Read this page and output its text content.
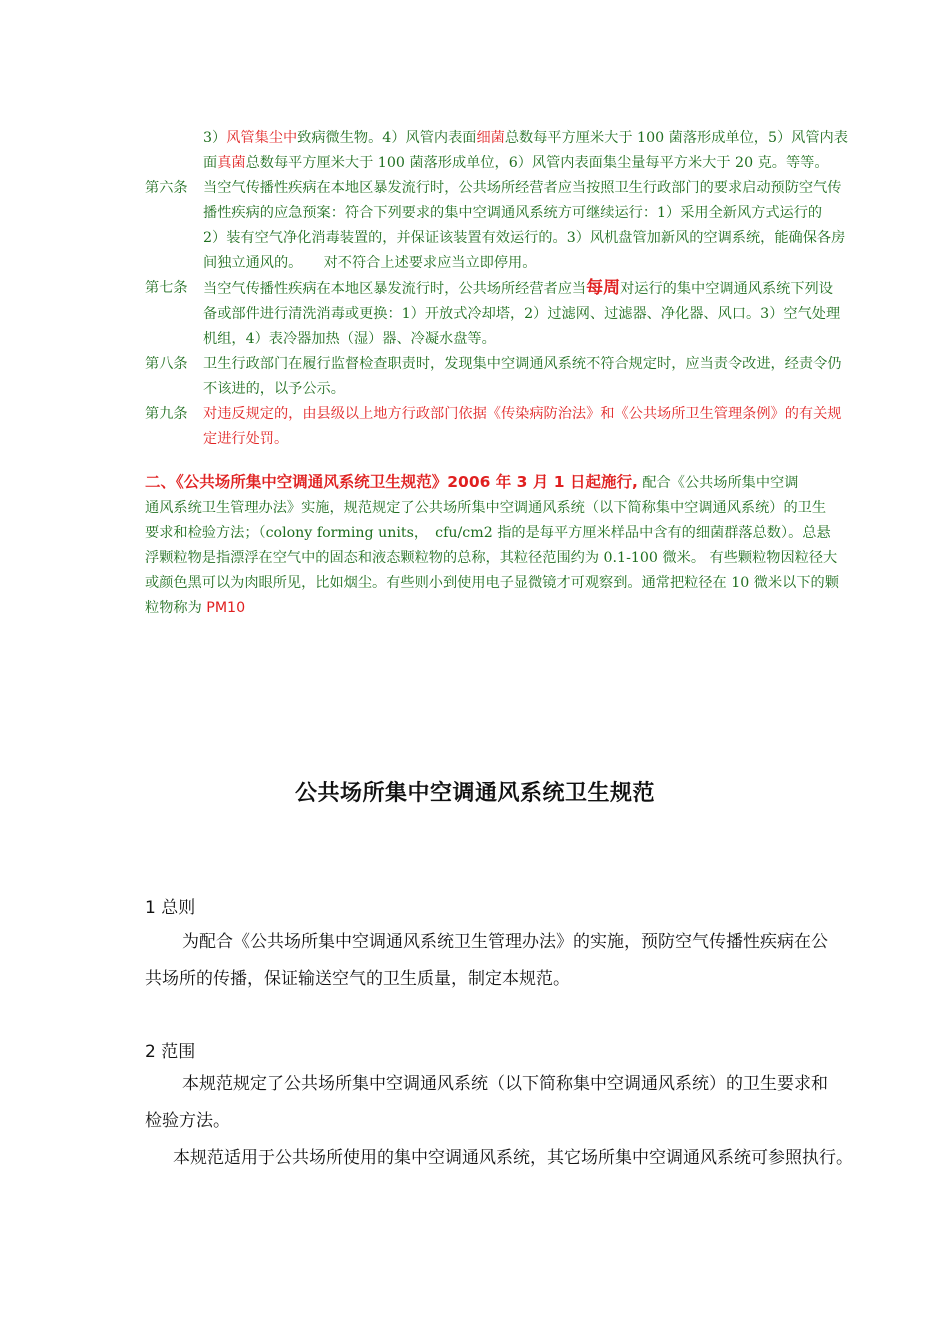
3）风管集尘中致病微生物。4）风管内表面细菌总数每平方厘米大于 100 菌落形成单位，5）风管内表
面真菌总数每平方厘米大于 100 菌落形成单位，6）风管内表面集尘量每平方米大于 20 克。等等。
第六条	当空气传播性疾病在本地区暴发流行时，公共场所经营者应当按照卫生行政部门的要求启动预防空气传
播性疾病的应急预案：符合下列要求的集中空调通风系统方可继续运行：1）采用全新风方式运行的
2）装有空气净化消毒装置的，并保证该装置有效运行的。3）风机盘管加新风的空调系统，能确保各房
间独立通风的。　　对不符合上述要求应当立即停用。
第七条	当空气传播性疾病在本地区暴发流行时，公共场所经营者应当每周对运行的集中空调通风系统下列设
备或部件进行清洗消毒或更换：1）开放式冷却塔，2）过滤网、过滤器、净化器、风口。3）空气处理
机组，4）表冷器加热（湿）器、冷凝水盘等。
第八条	卫生行政部门在履行监督检查职责时，发现集中空调通风系统不符合规定时，应当责令改进，经责令仍
不该进的，以予公示。
第九条	对违反规定的，由县级以上地方行政部门依据《传染病防治法》和《公共场所卫生管理条例》的有关规
定进行处罚。
二、《公共场所集中空调通风系统卫生规范》2006 年 3 月 1 日起施行, 配合《公共场所集中空调
通风系统卫生管理办法》实施，规范规定了公共场所集中空调通风系统（以下简称集中空调通风系统）的卫生
要求和检验方法；（colony forming units，　cfu/cm2 指的是每平方厘米样品中含有的细菌群落总数）。总悬
浮颗粒物是指漂浮在空气中的固态和液态颗粒物的总称，其粒径范围约为 0.1-100 微米。 有些颗粒物因粒径大
或颜色黑可以为肉眼所见，比如烟尘。有些则小到使用电子显微镜才可观察到。通常把粒径在 10 微米以下的颗
粒物称为 PM10
公共场所集中空调通风系统卫生规范
1 总则
为配合《公共场所集中空调通风系统卫生管理办法》的实施，预防空气传播性疾病在公
共场所的传播，保证输送空气的卫生质量，制定本规范。
2 范围
本规范规定了公共场所集中空调通风系统（以下简称集中空调通风系统）的卫生要求和
检验方法。
本规范适用于公共场所使用的集中空调通风系统，其它场所集中空调通风系统可参照执行。
